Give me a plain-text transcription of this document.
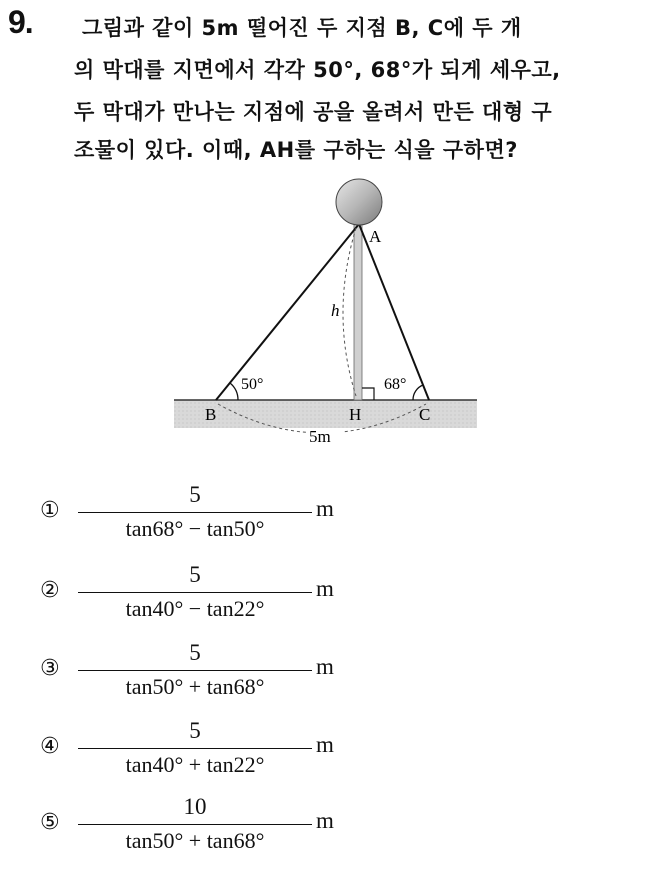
9. 그림과 같이 5m 떨어진 두 지점 B, C에 두 개
의 막대를 지면에서 각각 50°, 68°가 되게 세우고,
두 막대가 만나는 지점에 공을 올려서 만든 대형 구
조물이 있다. 이때, AH를 구하는 식을 구하면?
A
h
50°	68°
B	H	C
5m
①
5
tan68° − tan50°
m
②
5
tan40° − tan22°
m
③
5
tan50° + tan68°
m
④
5
tan40° + tan22°
m
⑤
10
tan50° + tan68°
m
